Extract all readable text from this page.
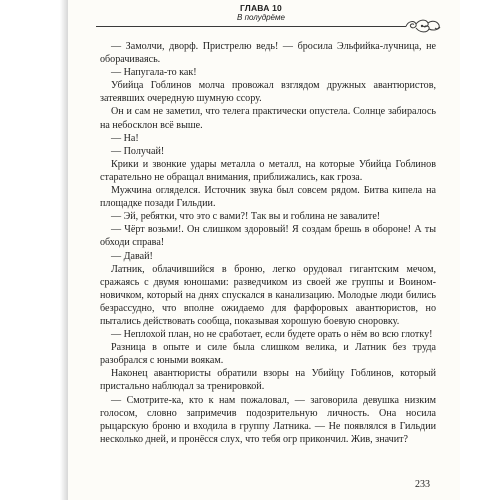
ГЛАВА 10
В полудрёме

— Замолчи, дворф. Пристрелю ведь! — бросила Эльфийка-лучница, не оборачиваясь.

— Напугала-то как!

Убийца Гоблинов молча провожал взглядом дружных авантюристов, затеявших очередную шумную ссору.

Он и сам не заметил, что телега практически опустела. Солнце забиралось на небосклон всё выше.

— На!

— Получай!

Крики и звонкие удары металла о металл, на которые Убийца Гоблинов старательно не обращал внимания, приближались, как гроза.

Мужчина огляделся. Источник звука был совсем рядом. Битва кипела на площадке позади Гильдии.

— Эй, ребятки, что это с вами?! Так вы и гоблина не завалите!

— Чёрт возьми!. Он слишком здоровый! Я создам брешь в обороне! А ты обходи справа!

— Давай!

Латник, облачившийся в броню, легко орудовал гигантским мечом, сражаясь с двумя юношами: разведчиком из своей же группы и Воином-новичком, который на днях спускался в канализацию. Молодые люди бились безрассудно, что вполне ожидаемо для фарфоровых авантюристов, но пытались действовать сообща, показывая хорошую боевую сноровку.

— Неплохой план, но не сработает, если будете орать о нём во всю глотку!

Разница в опыте и силе была слишком велика, и Латник без труда разобрался с юными воякам.

Наконец авантюристы обратили взоры на Убийцу Гоблинов, который пристально наблюдал за тренировкой.

— Смотрите-ка, кто к нам пожаловал, — заговорила девушка низким голосом, словно запримечив подозрительную личность. Она носила рыцарскую броню и входила в группу Латника. — Не появлялся в Гильдии несколько дней, и пронёсся слух, что тебя огр прикончил. Жив, значит?

233
